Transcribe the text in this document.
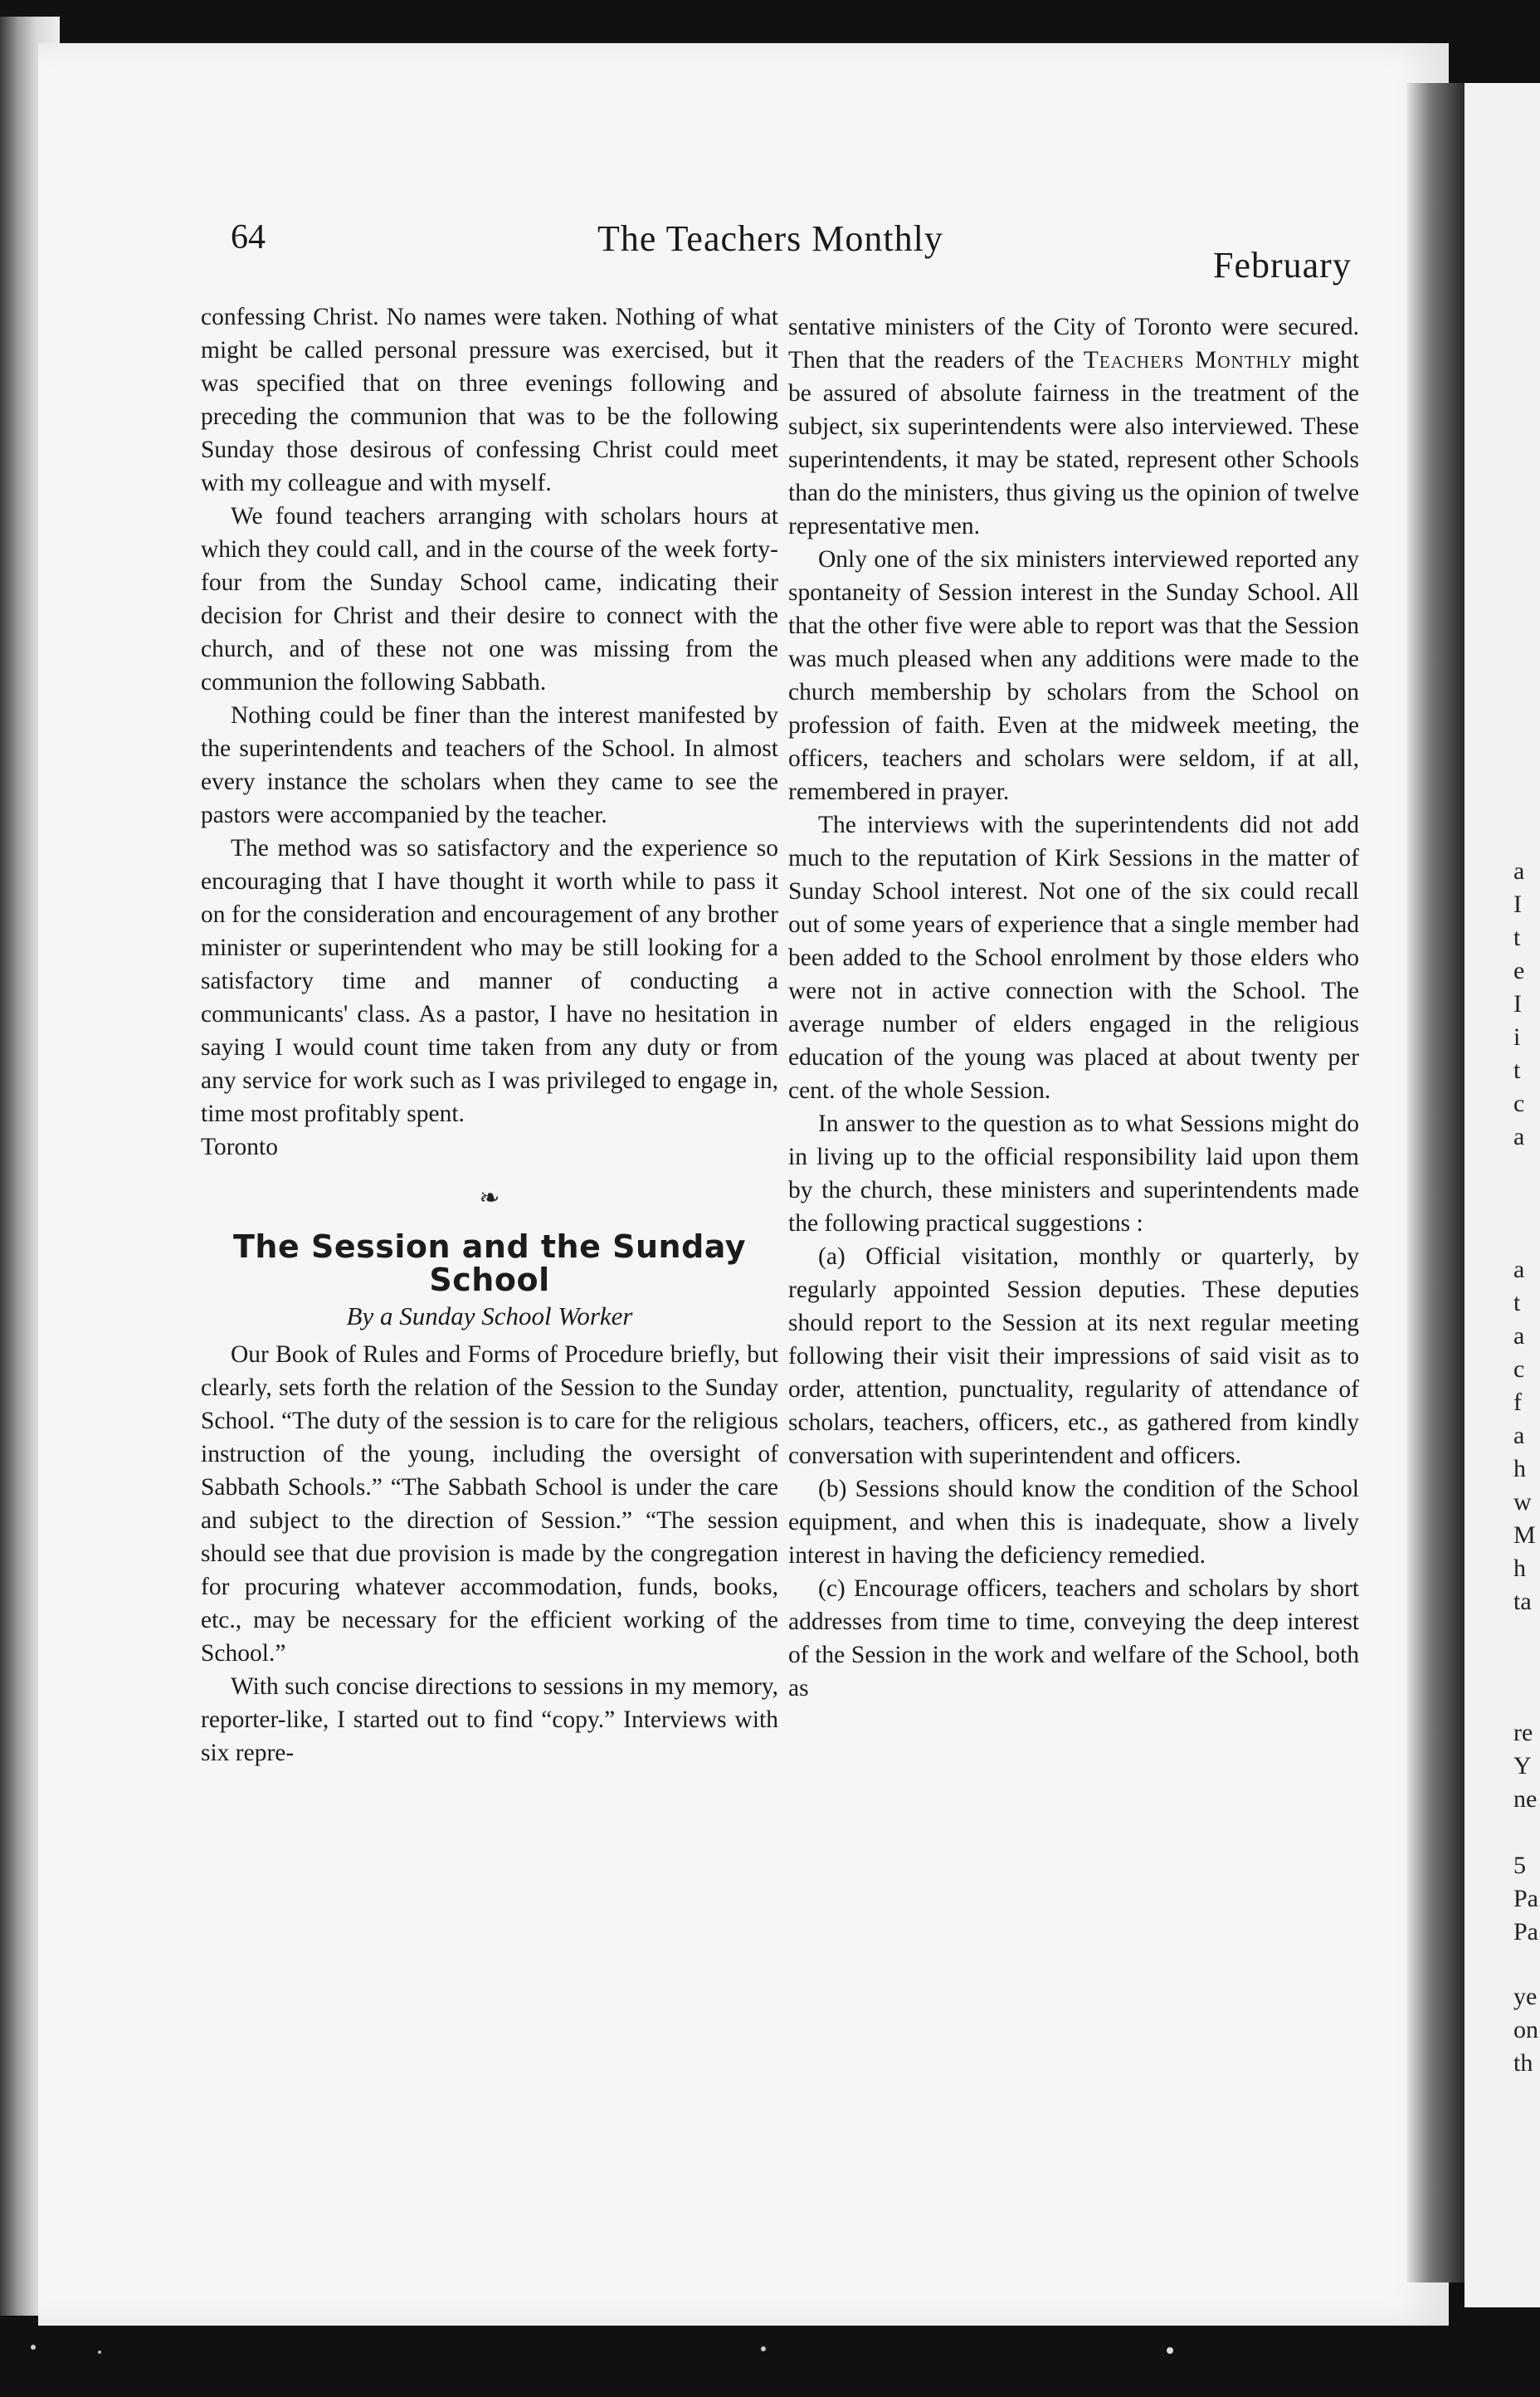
a
I
t
e
I
i
t
c
a
a
t
a
c
f
a
h
w
M
h
ta
re
Y
ne
5
Pa
Pa
ye
on
th
64	The Teachers Monthly
February

confessing Christ. No names were taken. Nothing of what might be called personal pressure was exercised, but it was specified that on three evenings following and preceding the communion that was to be the following Sunday those desirous of confessing Christ could meet with my colleague and with myself.

We found teachers arranging with scholars hours at which they could call, and in the course of the week forty-four from the Sunday School came, indicating their decision for Christ and their desire to connect with the church, and of these not one was missing from the communion the following Sabbath.

Nothing could be finer than the interest manifested by the superintendents and teachers of the School. In almost every instance the scholars when they came to see the pastors were accompanied by the teacher.

The method was so satisfactory and the experience so encouraging that I have thought it worth while to pass it on for the consideration and encouragement of any brother minister or superintendent who may be still looking for a satisfactory time and manner of conducting a communicants' class. As a pastor, I have no hesitation in saying I would count time taken from any duty or from any service for work such as I was privileged to engage in, time most profitably spent.

Toronto

❧
The Session and the Sunday School
By a Sunday School Worker

Our Book of Rules and Forms of Procedure briefly, but clearly, sets forth the relation of the Session to the Sunday School. “The duty of the session is to care for the religious instruction of the young, including the oversight of Sabbath Schools.” “The Sabbath School is under the care and subject to the direction of Session.” “The session should see that due provision is made by the congregation for procuring whatever accommodation, funds, books, etc., may be necessary for the efficient working of the School.”

With such concise directions to sessions in my memory, reporter-like, I started out to find “copy.” Interviews with six repre-

sentative ministers of the City of Toronto were secured. Then that the readers of the Teachers Monthly might be assured of absolute fairness in the treatment of the subject, six superintendents were also interviewed. These superintendents, it may be stated, represent other Schools than do the ministers, thus giving us the opinion of twelve representative men.

Only one of the six ministers interviewed reported any spontaneity of Session interest in the Sunday School. All that the other five were able to report was that the Session was much pleased when any additions were made to the church membership by scholars from the School on profession of faith. Even at the midweek meeting, the officers, teachers and scholars were seldom, if at all, remembered in prayer.

The interviews with the superintendents did not add much to the reputation of Kirk Sessions in the matter of Sunday School interest. Not one of the six could recall out of some years of experience that a single member had been added to the School enrolment by those elders who were not in active connection with the School. The average number of elders engaged in the religious education of the young was placed at about twenty per cent. of the whole Session.

In answer to the question as to what Sessions might do in living up to the official responsibility laid upon them by the church, these ministers and superintendents made the following practical suggestions :

(a) Official visitation, monthly or quarterly, by regularly appointed Session deputies. These deputies should report to the Session at its next regular meeting following their visit their impressions of said visit as to order, attention, punctuality, regularity of attendance of scholars, teachers, officers, etc., as gathered from kindly conversation with superintendent and officers.

(b) Sessions should know the condition of the School equipment, and when this is inadequate, show a lively interest in having the deficiency remedied.

(c) Encourage officers, teachers and scholars by short addresses from time to time, conveying the deep interest of the Session in the work and welfare of the School, both as
